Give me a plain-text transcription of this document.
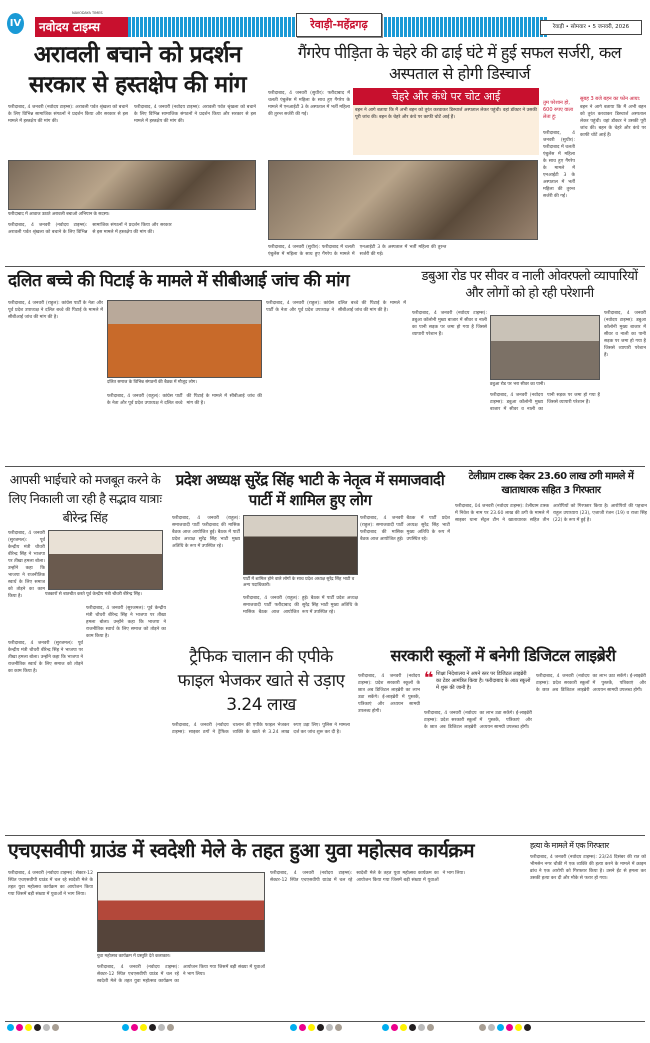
IV
NAVODAYA TIMES
नवोदय टाइम्स	रेवाड़ी-महेंद्रगढ़	रेवाड़ी • सोमवार • 5 जनवरी, 2026
अरावली बचाने को प्रदर्शन सरकार से हस्तक्षेप की मांग
फरीदाबाद, 4 जनवरी (नवोदय टाइम्स): अरावली पर्वत श्रृंखला को बचाने के लिए विभिन्न सामाजिक संगठनों ने प्रदर्शन किया और सरकार से इस मामले में हस्तक्षेप की मांग की।
फरीदाबाद, 4 जनवरी (नवोदय टाइम्स): अरावली पर्वत श्रृंखला को बचाने के लिए विभिन्न सामाजिक संगठनों ने प्रदर्शन किया और सरकार से इस मामले में हस्तक्षेप की मांग की।
फरीदाबाद में आवाज उठाते अरावली बचाओ अभियान के सदस्य।
फरीदाबाद, 4 जनवरी (नवोदय टाइम्स): अरावली पर्वत श्रृंखला को बचाने के लिए विभिन्न सामाजिक संगठनों ने प्रदर्शन किया और सरकार से इस मामले में हस्तक्षेप की मांग की।
गैंगरेप पीड़िता के चेहरे की ढाई घंटे में हुई सफल सर्जरी, कल अस्पताल से होगी डिस्चार्ज
फरीदाबाद, 4 जनवरी (सुधीर): फरीदाबाद में चलती एंबुलेंस में महिला के साथ हुए गैंगरेप के मामले में एनआईटी 3 के अस्पताल में भर्ती महिला की तुरन्त सर्जरी की गई।
चेहरे और कंधे पर चोट आई
बहन ने आगे बताया कि मैं अभी बहन को तुरंत करवाकर डिस्चार्ज अस्पताल लेकर पहुंची। वहां डॉक्टर ने उसकी पूरी जांच की। बहन के चेहरे और कंधे पर काफी चोटें आई हैं।
फरीदाबाद, 4 जनवरी (सुधीर): फरीदाबाद में चलती एंबुलेंस में महिला के साथ हुए गैंगरेप के मामले में एनआईटी 3 के अस्पताल में भर्ती महिला की तुरन्त सर्जरी की गई।
तुम परेशान हो, 600 रुपए वाला लेता हूं:
फरीदाबाद, 4 जनवरी (सुधीर): फरीदाबाद में चलती एंबुलेंस में महिला के साथ हुए गैंगरेप के मामले में एनआईटी 3 के अस्पताल में भर्ती महिला की तुरन्त सर्जरी की गई।
सुबह 3 बजे बहन का फोन आया:
बहन ने आगे बताया कि मैं अभी बहन को तुरंत करवाकर डिस्चार्ज अस्पताल लेकर पहुंची। वहां डॉक्टर ने उसकी पूरी जांच की। बहन के चेहरे और कंधे पर काफी चोटें आई हैं।
दलित बच्चे की पिटाई के मामले में सीबीआई जांच की मांग
फरीदाबाद, 4 जनवरी (राहुल): कांग्रेस पार्टी के नेता और पूर्व प्रदेश उपाध्यक्ष ने दलित बच्चे की पिटाई के मामले में सीबीआई जांच की मांग की है।
दलित समाज के विभिन्न संगठनों की बैठक में मौजूद लोग।
फरीदाबाद, 4 जनवरी (राहुल): कांग्रेस पार्टी के नेता और पूर्व प्रदेश उपाध्यक्ष ने दलित बच्चे की पिटाई के मामले में सीबीआई जांच की मांग की है।
फरीदाबाद, 4 जनवरी (राहुल): कांग्रेस पार्टी के नेता और पूर्व प्रदेश उपाध्यक्ष ने दलित बच्चे की पिटाई के मामले में सीबीआई जांच की मांग की है।
डबुआ रोड पर सीवर व नाली ओवरफ्लो व्यापारियों और लोगों को हो रही परेशानी
फरीदाबाद, 4 जनवरी (नवोदय टाइम्स): डबुआ कॉलोनी मुख्य बाजार में सीवर व नाली का पानी सड़क पर जमा हो गया है जिससे व्यापारी परेशान हैं।
डबुआ रोड पर भरा सीवर का पानी।
फरीदाबाद, 4 जनवरी (नवोदय टाइम्स): डबुआ कॉलोनी मुख्य बाजार में सीवर व नाली का पानी सड़क पर जमा हो गया है जिससे व्यापारी परेशान हैं।
फरीदाबाद, 4 जनवरी (नवोदय टाइम्स): डबुआ कॉलोनी मुख्य बाजार में सीवर व नाली का पानी सड़क पर जमा हो गया है जिससे व्यापारी परेशान हैं।
आपसी भाईचारे को मजबूत करने के लिए निकाली जा रही है सद्भाव यात्राः बीरेन्द्र सिंह
फरीदाबाद, 4 जनवरी (सुरजमल): पूर्व केन्द्रीय मंत्री चौधरी बीरेन्द्र सिंह ने भाजपा पर तीखा हमला बोला। उन्होंने कहा कि भाजपा ने राजनीतिक स्वार्थ के लिए समाज को तोड़ने का काम किया है।	पत्रकारों से बातचीत करते पूर्व केन्द्रीय मंत्री चौधरी बीरेन्द्र सिंह।
फरीदाबाद, 4 जनवरी (सुरजमल): पूर्व केन्द्रीय मंत्री चौधरी बीरेन्द्र सिंह ने भाजपा पर तीखा हमला बोला। उन्होंने कहा कि भाजपा ने राजनीतिक स्वार्थ के लिए समाज को तोड़ने का काम किया है।
फरीदाबाद, 4 जनवरी (सुरजमल): पूर्व केन्द्रीय मंत्री चौधरी बीरेन्द्र सिंह ने भाजपा पर तीखा हमला बोला। उन्होंने कहा कि भाजपा ने राजनीतिक स्वार्थ के लिए समाज को तोड़ने का काम किया है।
प्रदेश अध्यक्ष सुरेंद्र सिंह भाटी के नेतृत्व में समाजवादी पार्टी में शामिल हुए लोग
फरीदाबाद, 4 जनवरी (राहुल): समाजवादी पार्टी फरीदाबाद की मासिक बैठक आज आयोजित हुई। बैठक में पार्टी प्रदेश अध्यक्ष सुरेंद्र सिंह भाटी मुख्य अतिथि के रूप में उपस्थित रहे।
पार्टी में शामिल होने वाले लोगों के साथ प्रदेश अध्यक्ष सुरेंद्र सिंह भाटी व अन्य पदाधिकारी।
फरीदाबाद, 4 जनवरी (राहुल): समाजवादी पार्टी फरीदाबाद की मासिक बैठक आज आयोजित हुई। बैठक में पार्टी प्रदेश अध्यक्ष सुरेंद्र सिंह भाटी मुख्य अतिथि के रूप में उपस्थित रहे।
फरीदाबाद, 4 जनवरी (राहुल): समाजवादी पार्टी फरीदाबाद की मासिक बैठक आज आयोजित हुई। बैठक में पार्टी प्रदेश अध्यक्ष सुरेंद्र सिंह भाटी मुख्य अतिथि के रूप में उपस्थित रहे।
टेलीग्राम टास्क देकर 23.60 लाख ठगी मामले में खाताधारक सहित 3 गिरफ्तार
फरीदाबाद, 04 जनवरी (नवोदय टाइम्स): टेलीग्राम टास्क में निवेश के नाम पर 23.60 लाख की ठगी के मामले में साइबर थाना सेंट्रल टीम ने खाताधारक सहित तीन आरोपियों को गिरफ्तार किया है। आरोपियों की पहचान राहुल उपाध्याय (23), एजाजी रंजन (19) व राजा सिंह (22) के रूप में हुई है।
ट्रैफिक चालान की एपीके फाइल भेजकर खाते से उड़ाए 3.24 लाख
फरीदाबाद, 4 जनवरी (नवोदय टाइम्स): साइबर ठगों ने ट्रैफिक चालान की एपीके फाइल भेजकर व्यक्ति के खाते से 3.24 लाख रुपए उड़ा लिए। पुलिस ने मामला दर्ज कर जांच शुरू कर दी है।
सरकारी स्कूलों में बनेगी डिजिटल लाइब्रेरी
फरीदाबाद, 4 जनवरी (नवोदय टाइम्स): प्रदेश सरकारी स्कूलों के छात्र अब डिजिटल लाइब्रेरी का लाभ उठा सकेंगे। ई-लाइब्रेरी में पुस्तकें, पत्रिकाएं और अध्ययन सामग्री उपलब्ध होगी।
❝ शिक्षा निदेशालय ने अपने स्तर पर डिजिटल लाइब्रेरी का टेंडर आमंत्रित किया है। फरीदाबाद के आठ स्कूलों में शुरू की जानी है।
फरीदाबाद, 4 जनवरी (नवोदय टाइम्स): प्रदेश सरकारी स्कूलों के छात्र अब डिजिटल लाइब्रेरी का लाभ उठा सकेंगे। ई-लाइब्रेरी में पुस्तकें, पत्रिकाएं और अध्ययन सामग्री उपलब्ध होगी।
फरीदाबाद, 4 जनवरी (नवोदय टाइम्स): प्रदेश सरकारी स्कूलों के छात्र अब डिजिटल लाइब्रेरी का लाभ उठा सकेंगे। ई-लाइब्रेरी में पुस्तकें, पत्रिकाएं और अध्ययन सामग्री उपलब्ध होगी।
एचएसवीपी ग्राउंड में स्वदेशी मेले के तहत हुआ युवा महोत्सव कार्यक्रम
फरीदाबाद, 4 जनवरी (नवोदय टाइम्स): सेक्टर-12 स्थित एचएसवीपी ग्राउंड में चल रहे स्वदेशी मेले के तहत युवा महोत्सव कार्यक्रम का आयोजन किया गया जिसमें बड़ी संख्या में युवाओं ने भाग लिया।
युवा महोत्सव कार्यक्रम में प्रस्तुति देते कलाकार।
फरीदाबाद, 4 जनवरी (नवोदय टाइम्स): सेक्टर-12 स्थित एचएसवीपी ग्राउंड में चल रहे स्वदेशी मेले के तहत युवा महोत्सव कार्यक्रम का आयोजन किया गया जिसमें बड़ी संख्या में युवाओं ने भाग लिया।
फरीदाबाद, 4 जनवरी (नवोदय टाइम्स): सेक्टर-12 स्थित एचएसवीपी ग्राउंड में चल रहे स्वदेशी मेले के तहत युवा महोत्सव कार्यक्रम का आयोजन किया गया जिसमें बड़ी संख्या में युवाओं ने भाग लिया।
हत्या के मामले में एक गिरफ्तार
फरीदाबाद, 4 जनवरी (नवोदय टाइम्स): 23/24 दिसंबर की रात को भीमसेन नगर चौकी में एक व्यक्ति की हत्या करने के मामले में क्राइम ब्रांच ने एक आरोपी को गिरफ्तार किया है। उसने ईंट से हमला कर उसकी हत्या कर दी और मौके से फरार हो गया।
